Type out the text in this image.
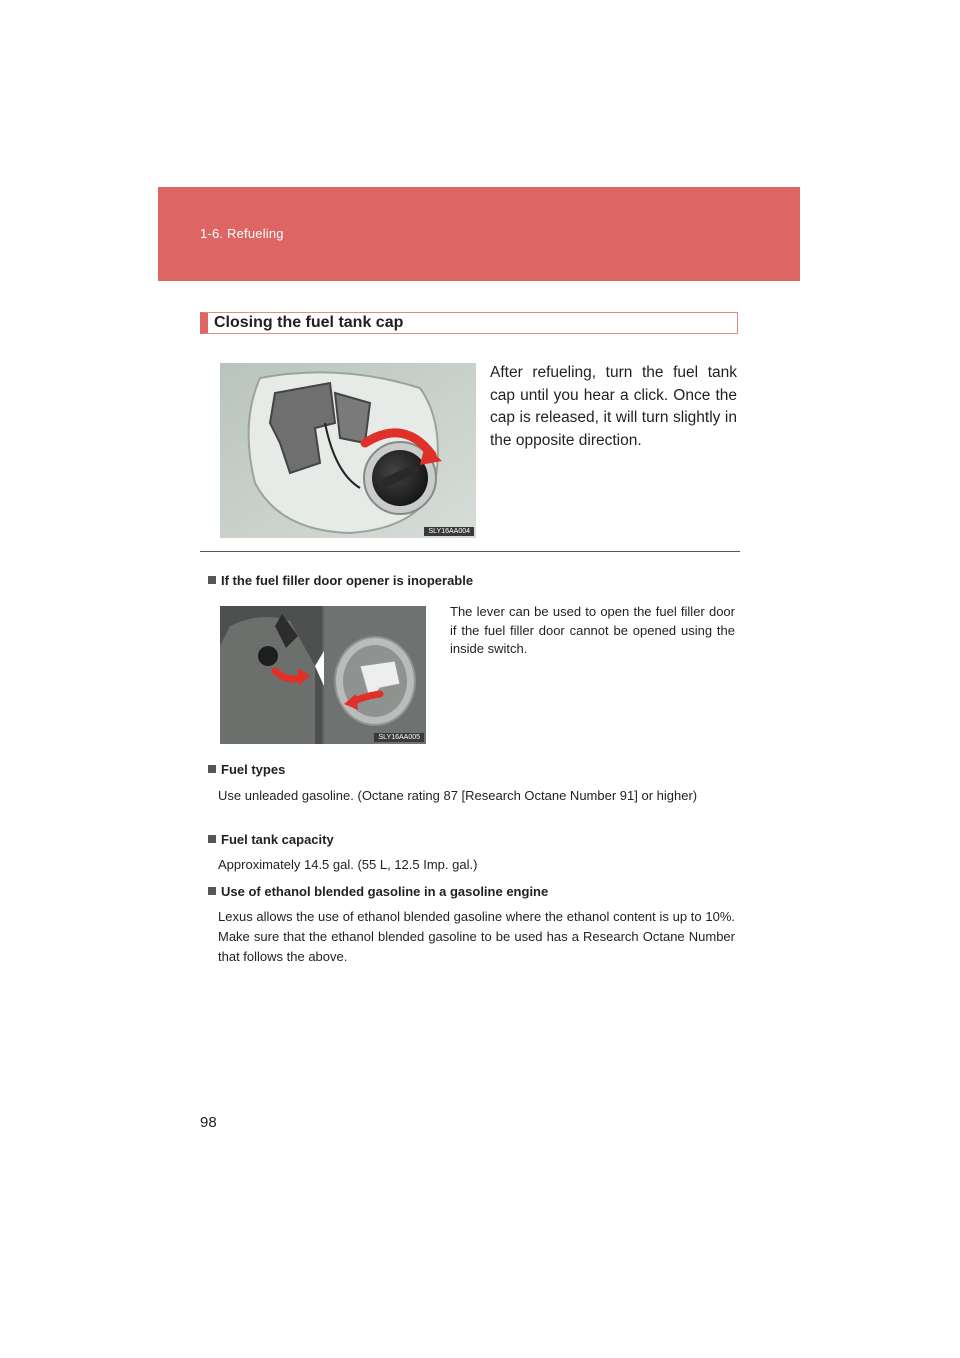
1-6. Refueling
Closing the fuel tank cap
SLY16AA004
After refueling, turn the fuel tank cap until you hear a click. Once the cap is released, it will turn slightly in the opposite direction.
If the fuel filler door opener is inoperable
SLY16AA005
The lever can be used to open the fuel filler door if the fuel filler door cannot be opened using the inside switch.
Fuel types
Use unleaded gasoline. (Octane rating 87 [Research Octane Number 91] or higher)
Fuel tank capacity
Approximately 14.5 gal. (55 L, 12.5 Imp. gal.)
Use of ethanol blended gasoline in a gasoline engine
Lexus allows the use of ethanol blended gasoline where the ethanol content is up to 10%. Make sure that the ethanol blended gasoline to be used has a Research Octane Number that follows the above.
98
